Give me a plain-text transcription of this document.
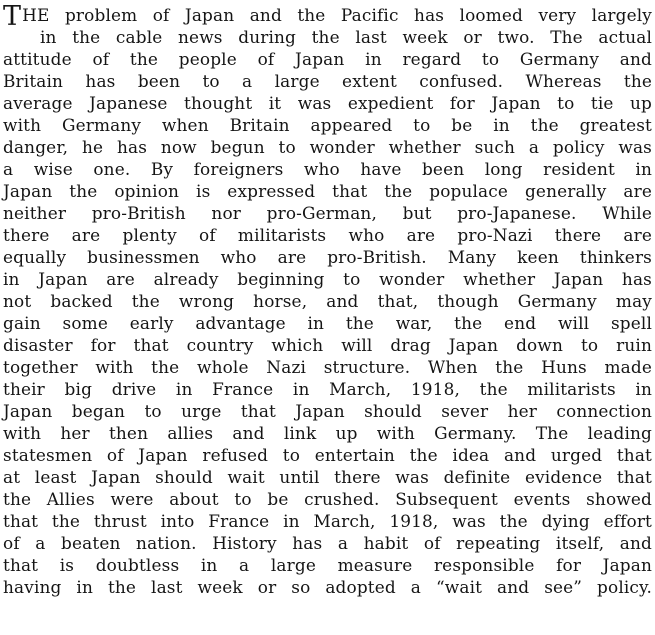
THE problem of Japan and the Pacific has loomed very largely
in the cable news during the last week or two. The actual
attitude of the people of Japan in regard to Germany and
Britain has been to a large extent confused. Whereas the
average Japanese thought it was expedient for Japan to tie up
with Germany when Britain appeared to be in the greatest
danger, he has now begun to wonder whether such a policy was
a wise one. By foreigners who have been long resident in
Japan the opinion is expressed that the populace generally are
neither pro-British nor pro-German, but pro-Japanese. While
there are plenty of militarists who are pro-Nazi there are
equally businessmen who are pro-British. Many keen thinkers
in Japan are already beginning to wonder whether Japan has
not backed the wrong horse, and that, though Germany may
gain some early advantage in the war, the end will spell
disaster for that country which will drag Japan down to ruin
together with the whole Nazi structure. When the Huns made
their big drive in France in March, 1918, the militarists in
Japan began to urge that Japan should sever her connection
with her then allies and link up with Germany. The leading
statesmen of Japan refused to entertain the idea and urged that
at least Japan should wait until there was definite evidence that
the Allies were about to be crushed. Subsequent events showed
that the thrust into France in March, 1918, was the dying effort
of a beaten nation. History has a habit of repeating itself, and
that is doubtless in a large measure responsible for Japan
having in the last week or so adopted a “wait and see” policy.
